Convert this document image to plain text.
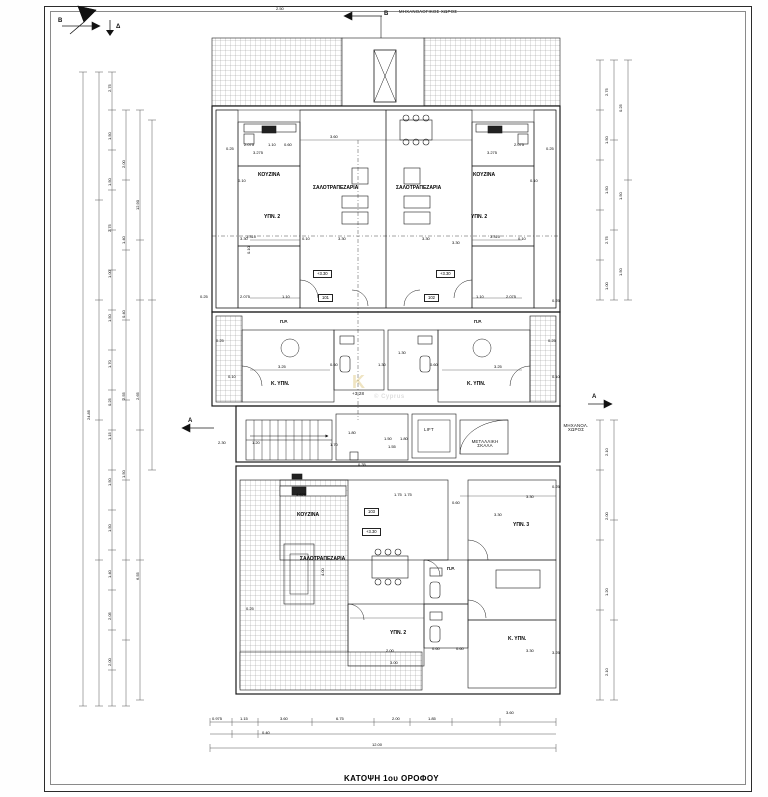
B
Δ
B
A
A
ΜΗΧΑΝΟΛΟΓΙΚΟΣ ΧΩΡΟΣ
ΜΗΧΑΝΟΛ. ΧΩΡΟΣ
ΜΕΤΑΛΛΙΚΗ ΣΚΑΛΑ
LIFT
ΚΟΥΖΙΝΑ	ΚΟΥΖΙΝΑ
ΣΑΛΟΤΡΑΠΕΖΑΡΙΑ	ΣΑΛΟΤΡΑΠΕΖΑΡΙΑ
ΥΠΝ. 2	ΥΠΝ. 2
Κ. ΥΠΝ.	Κ. ΥΠΝ.
Π.Ρ.	Π.Ρ.
ΚΟΥΖΙΝΑ
ΣΑΛΟΤΡΑΠΕΖΑΡΙΑ
ΥΠΝ. 3
ΥΠΝ. 2
Κ. ΥΠΝ.
Π.Ρ.
101	102
103
+3.30	+3.30
+3.30
+3.28
2.50
0.975	1.15	3.60	6.75	2.00	1.85
3.60
0.40
12.00
2.75
1.50
1.50
2.75
1.00
1.50
1.70
0.25
1.15
1.50
1.50
1.40
2.05
2.00
2.00
1.40
0.40
2.55
1.50
24.85
12.90
2.65
6.55
2.75
1.50
1.50
2.75
1.00
0.25
1.50
1.50
2.10
2.00
1.20
2.10
3.60
0.25
2.075	1.10 0.60	2.075
0.25
3.275	3.275
0.10	0.10
0.10	3.30	3.30
3.30
3.30	0.10
0.10
3.310	3.310
0.25
0.25
2.075	2.075
1.10	1.10
3.25	3.25
0.60	0.60
1.30
1.30
1.80
1.80
0.25	0.25
0.10	0.10
1.70
1.75
4.625
4.00
1.75
0.60
3.30
3.30
3.30
2.00
3.00
0.60	0.60
0.25
0.25
3.25
1.20
0.35
1.50
1.55
2.30
K
© Cyprus
ΚΑΤΟΨΗ 1ου ΟΡΟΦΟΥ
